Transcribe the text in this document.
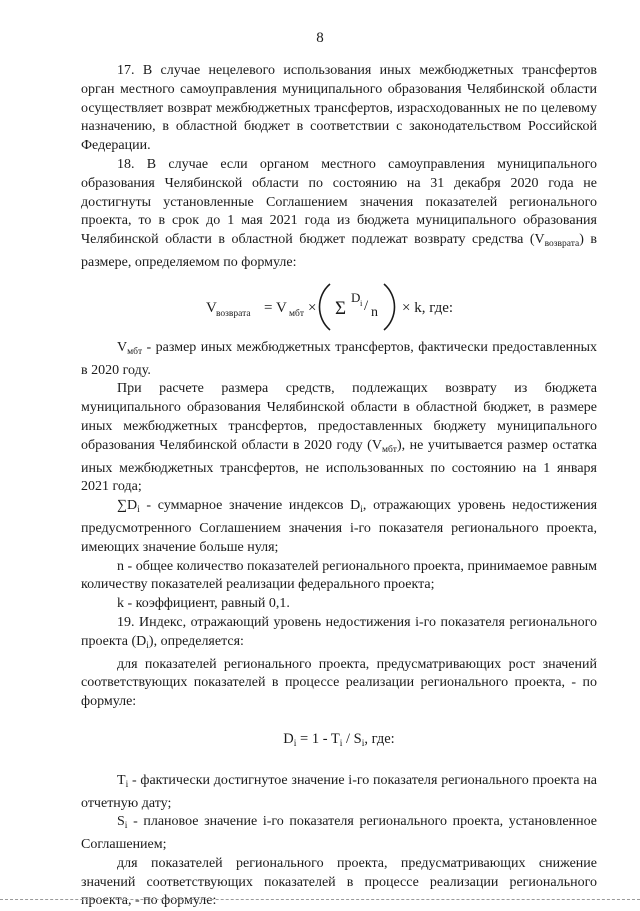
8

17. В случае нецелевого использования иных межбюджетных трансфертов орган местного самоуправления муниципального образования Челябинской области осуществляет возврат межбюджетных трансфертов, израсходованных не по целевому назначению, в областной бюджет в соответствии с законодательством Российской Федерации.

18. В случае если органом местного самоуправления муниципального образования Челябинской области по состоянию на 31 декабря 2020 года не достигнуты установленные Соглашением значения показателей регионального проекта, то в срок до 1 мая 2021 года из бюджета муниципального образования Челябинской области в областной бюджет подлежат возврату средства $(V_{возврата})$ в размере, определяемом по формуле:

V возврата = V мбт × Σ
D i / n × k, где:

$V_{мбт}$ - размер иных межбюджетных трансфертов, фактически предоставленных в 2020 году.

При расчете размера средств, подлежащих возврату из бюджета муниципального образования Челябинской области в областной бюджет, в размере иных межбюджетных трансфертов, предоставленных бюджету муниципального образования Челябинской области в 2020 году $(V_{мбт})$, не учитывается размер остатка иных межбюджетных трансфертов, не использованных по состоянию на 1 января 2021 года;

$\sum D_i$ - суммарное значение индексов $D_i$, отражающих уровень недостижения предусмотренного Соглашением значения i-го показателя регионального проекта, имеющих значение больше нуля;

n - общее количество показателей регионального проекта, принимаемое равным количеству показателей реализации федерального проекта;

k - коэффициент, равный 0,1.

19. Индекс, отражающий уровень недостижения i-го показателя регионального проекта $(D_i)$, определяется:

для показателей регионального проекта, предусматривающих рост значений соответствующих показателей в процессе реализации регионального проекта, - по формуле:

$D_i = 1 - T_i / S_i$, где:

$T_i$ - фактически достигнутое значение i-го показателя регионального проекта на отчетную дату;

$S_i$ - плановое значение i-го показателя регионального проекта, установленное Соглашением;

для показателей регионального проекта, предусматривающих снижение значений соответствующих показателей в процессе реализации регионального проекта, - по формуле:
